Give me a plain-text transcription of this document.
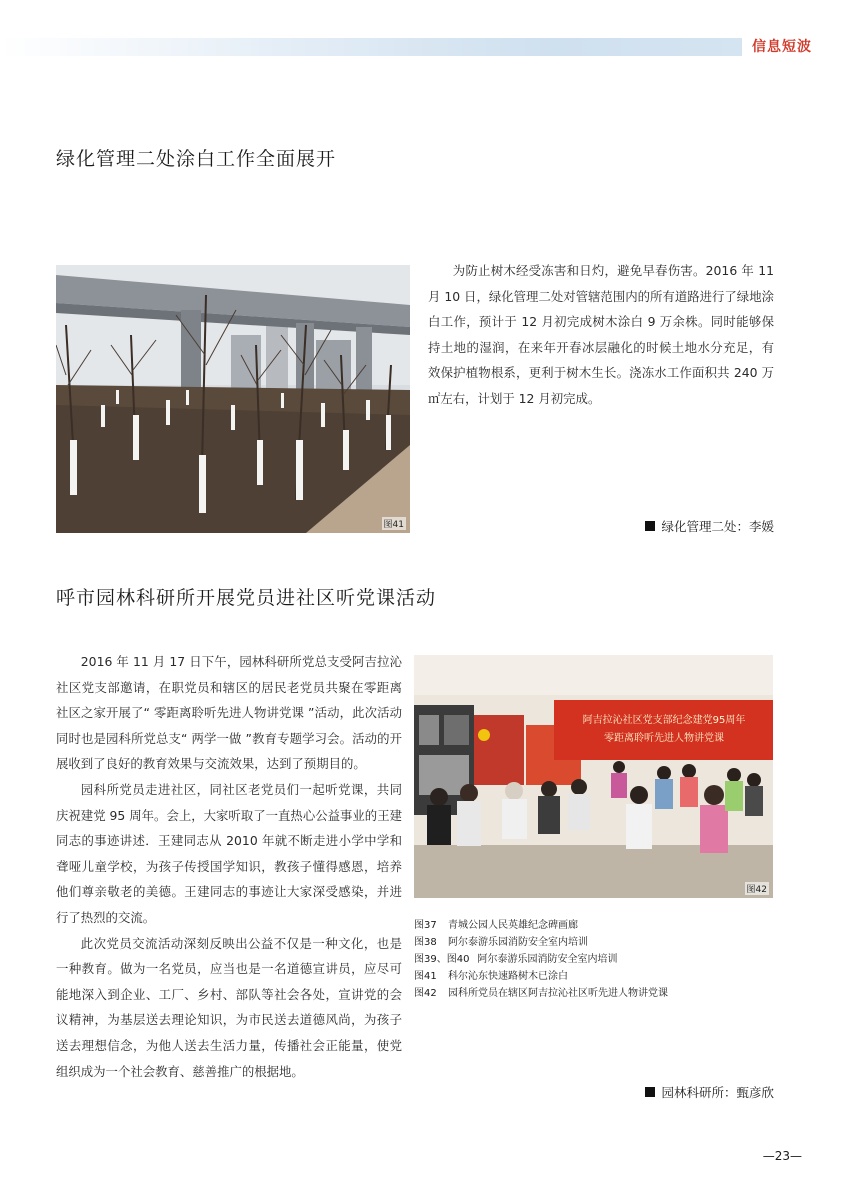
信息短波
绿化管理二处涂白工作全面展开
图41

为防止树木经受冻害和日灼，避免早春伤害。2016 年 11 月 10 日，绿化管理二处对管辖范围内的所有道路进行了绿地涂白工作，预计于 12 月初完成树木涂白 9 万余株。同时能够保持土地的湿润，在来年开春冰层融化的时候土地水分充足，有效保护植物根系，更利于树木生长。浇冻水工作面积共 240 万㎡左右，计划于 12 月初完成。

绿化管理二处：李媛
呼市园林科研所开展党员进社区听党课活动

2016 年 11 月 17 日下午，园林科研所党总支受阿吉拉沁社区党支部邀请，在职党员和辖区的居民老党员共聚在零距离社区之家开展了“ 零距离聆听先进人物讲党课 ”活动，此次活动同时也是园科所党总支“ 两学一做 ”教育专题学习会。活动的开展收到了良好的教育效果与交流效果，达到了预期目的。

园科所党员走进社区，同社区老党员们一起听党课，共同庆祝建党 95 周年。会上，大家听取了一直热心公益事业的王建同志的事迹讲述．王建同志从 2010 年就不断走进小学中学和聋哑儿童学校，为孩子传授国学知识，教孩子懂得感恩，培养他们尊亲敬老的美德。王建同志的事迹让大家深受感染，并进行了热烈的交流。

此次党员交流活动深刻反映出公益不仅是一种文化，也是一种教育。做为一名党员，应当也是一名道德宣讲员，应尽可能地深入到企业、工厂、乡村、部队等社会各处，宣讲党的会议精神，为基层送去理论知识，为市民送去道德风尚，为孩子送去理想信念，为他人送去生活力量，传播社会正能量，使党组织成为一个社会教育、慈善推广的根据地。

阿吉拉沁社区党支部纪念建党95周年
零距离聆听先进人物讲党课
图42
图37	青城公园人民英雄纪念碑画廊
图38	阿尔泰游乐园消防安全室内培训
图39、图40 阿尔泰游乐园消防安全室内培训
图41	科尔沁东快速路树木已涂白
图42	园科所党员在辖区阿吉拉沁社区听先进人物讲党课
园林科研所：甄彦欣
—23—
